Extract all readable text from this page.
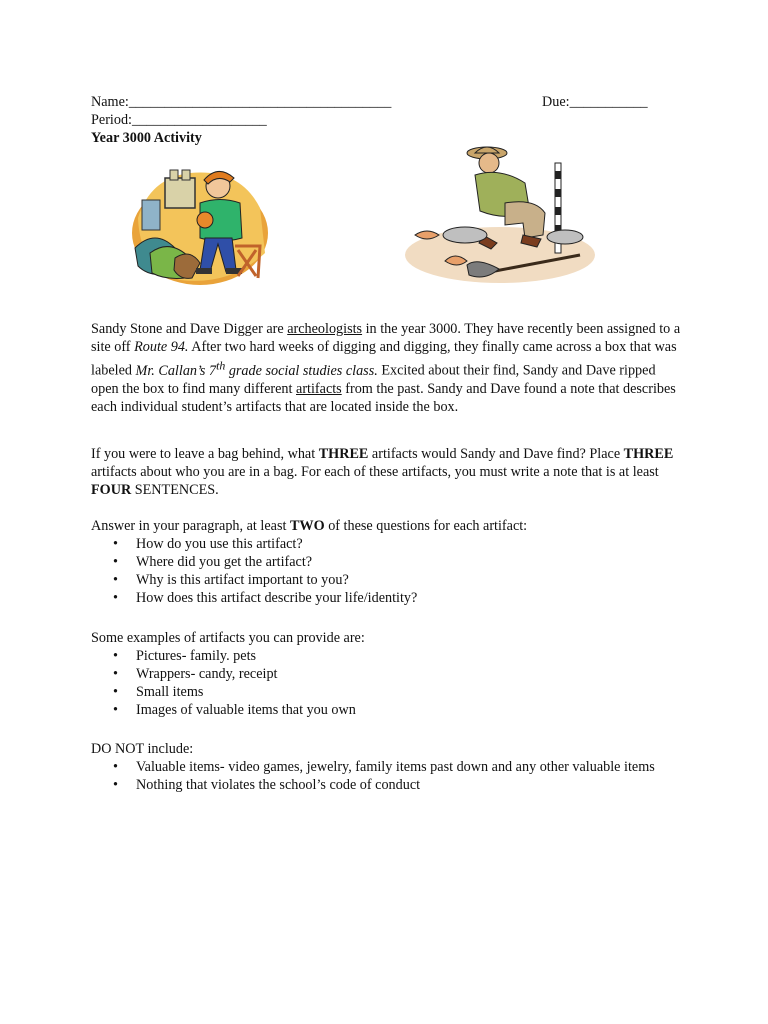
Name:_____________________________________	Due:___________
Period:___________________
Year 3000 Activity
Sandy Stone and Dave Digger are archeologists in the year 3000. They have recently been assigned to a site off Route 94. After two hard weeks of digging and digging, they finally came across a box that was labeled Mr. Callan’s 7th grade social studies class. Excited about their find, Sandy and Dave ripped open the box to find many different artifacts from the past. Sandy and Dave found a note that describes each individual student’s artifacts that are located inside the box.
If you were to leave a bag behind, what THREE artifacts would Sandy and Dave find? Place THREE artifacts about who you are in a bag. For each of these artifacts, you must write a note that is at least FOUR SENTENCES.
Answer in your paragraph, at least TWO of these questions for each artifact:
• How do you use this artifact?
• Where did you get the artifact?
• Why is this artifact important to you?
• How does this artifact describe your life/identity?
Some examples of artifacts you can provide are:
• Pictures- family. pets
• Wrappers- candy, receipt
• Small items
• Images of valuable items that you own
DO NOT include:
• Valuable items- video games, jewelry, family items past down and any other valuable items
• Nothing that violates the school’s code of conduct
